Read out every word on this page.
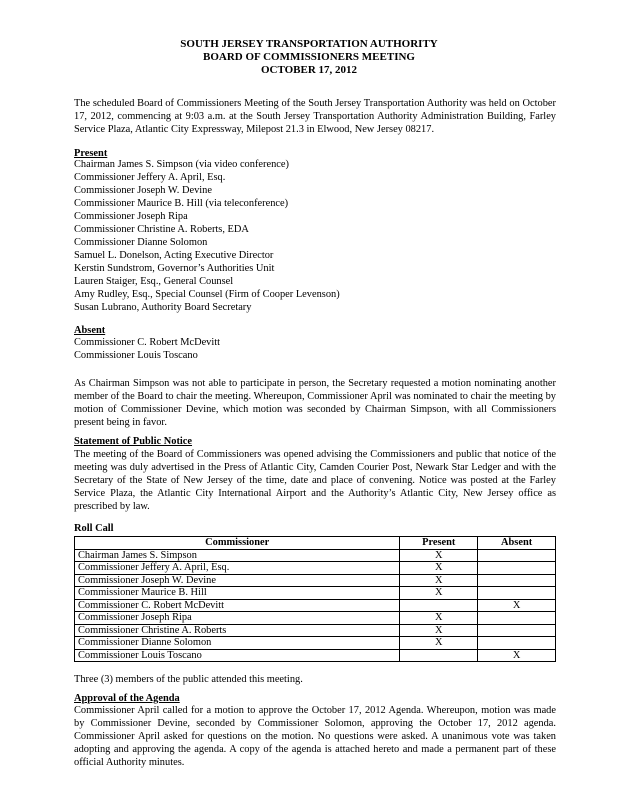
SOUTH JERSEY TRANSPORTATION AUTHORITY
BOARD OF COMMISSIONERS MEETING
OCTOBER 17, 2012
The scheduled Board of Commissioners Meeting of the South Jersey Transportation Authority was held on October 17, 2012, commencing at 9:03 a.m. at the South Jersey Transportation Authority Administration Building, Farley Service Plaza, Atlantic City Expressway, Milepost 21.3 in Elwood, New Jersey 08217.
Present
Chairman James S. Simpson (via video conference)
Commissioner Jeffery A. April, Esq.
Commissioner Joseph W. Devine
Commissioner Maurice B. Hill (via teleconference)
Commissioner Joseph Ripa
Commissioner Christine A. Roberts, EDA
Commissioner Dianne Solomon
Samuel L. Donelson, Acting Executive Director
Kerstin Sundstrom, Governor’s Authorities Unit
Lauren Staiger, Esq., General Counsel
Amy Rudley, Esq., Special Counsel (Firm of Cooper Levenson)
Susan Lubrano, Authority Board Secretary
Absent
Commissioner C. Robert McDevitt
Commissioner Louis Toscano
As Chairman Simpson was not able to participate in person, the Secretary requested a motion nominating another member of the Board to chair the meeting. Whereupon, Commissioner April was nominated to chair the meeting by motion of Commissioner Devine, which motion was seconded by Chairman Simpson, with all Commissioners present being in favor.
Statement of Public Notice
The meeting of the Board of Commissioners was opened advising the Commissioners and public that notice of the meeting was duly advertised in the Press of Atlantic City, Camden Courier Post, Newark Star Ledger and with the Secretary of the State of New Jersey of the time, date and place of convening. Notice was posted at the Farley Service Plaza, the Atlantic City International Airport and the Authority’s Atlantic City, New Jersey office as prescribed by law.
Roll Call
Commissioner	Present	Absent
Chairman James S. Simpson	X	
Commissioner Jeffery A. April, Esq.	X	
Commissioner Joseph W. Devine	X	
Commissioner Maurice B. Hill	X	
Commissioner C. Robert McDevitt		X
Commissioner Joseph Ripa	X	
Commissioner Christine A. Roberts	X	
Commissioner Dianne Solomon	X	
Commissioner Louis Toscano		X
Three (3) members of the public attended this meeting.
Approval of the Agenda
Commissioner April called for a motion to approve the October 17, 2012 Agenda. Whereupon, motion was made by Commissioner Devine, seconded by Commissioner Solomon, approving the October 17, 2012 agenda. Commissioner April asked for questions on the motion. No questions were asked. A unanimous vote was taken adopting and approving the agenda. A copy of the agenda is attached hereto and made a permanent part of these official Authority minutes.
